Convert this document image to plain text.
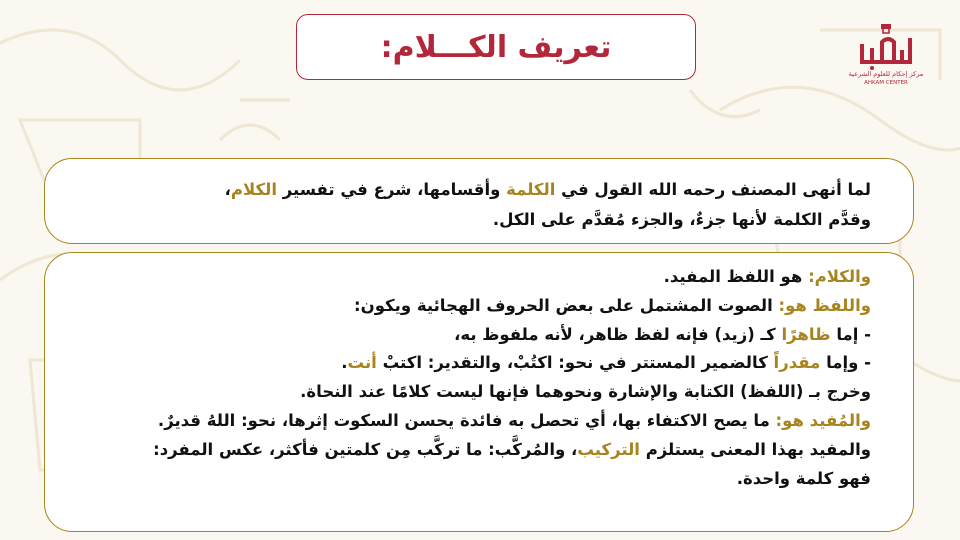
تعريف الكـــلام:
مركز إحكام للعلوم الشرعية
AHKAM CENTER
لما أنهى المصنف رحمه الله القول في الكلمة وأقسامها، شرع في تفسير الكلام،
وقدَّم الكلمة لأنها جزءٌ، والجزء مُقدَّم على الكل.
والكلام: هو اللفظ المفيد.
واللفظ هو: الصوت المشتمل على بعض الحروف الهجائية ويكون:
- إما ظاهرًا كـ (زيد) فإنه لفظ ظاهر، لأنه ملفوظ به،
- وإما مقدراً كالضمير المستتر في نحو: اكتُبْ، والتقدير: اكتبْ أنت.
وخرج بـ (اللفظ) الكتابة والإشارة ونحوهما فإنها ليست كلامًا عند النحاة.
والمُفيد هو: ما يصح الاكتفاء بها، أي تحصل به فائدة يحسن السكوت إثرها، نحو: اللهُ قديرٌ.
والمفيد بهذا المعنى يستلزم التركيب، والمُركَّب: ما تركَّب مِن كلمتين فأكثر، عكس المفرد:
فهو كلمة واحدة.
